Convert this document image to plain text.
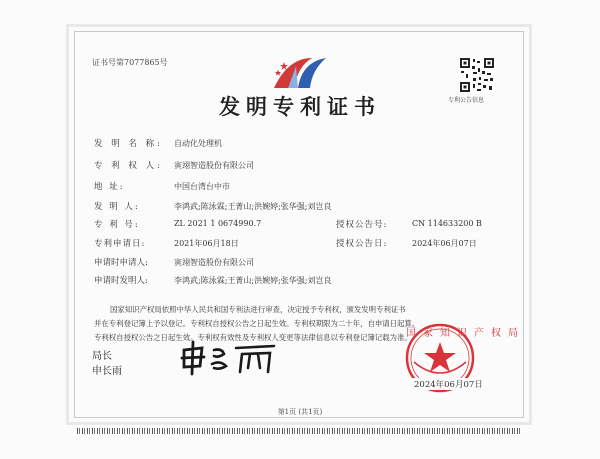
证书号第7077865号
专利公告信息
发明专利证书
发 明 名 称: 自动化处理机
专 利 权 人: 寅翊智造股份有限公司
地 址:	中国台湾台中市
发 明 人:	李鸿武;陈泳霖;王菁山;洪婉婷;张华强;刘岂良
专 利 号:	ZL 2021 1 0674990.7	授权公告号:	CN 114633200 B
专利申请日:	2021年06月18日	授权公告日:	2024年06月07日
申请时申请人:	寅翊智造股份有限公司
申请时发明人:	李鸿武;陈泳霖;王菁山;洪婉婷;张华强;刘岂良
国家知识产权局依照中华人民共和国专利法进行审查，决定授予专利权，颁发发明专利证书
并在专利登记簿上予以登记。专利权自授权公告之日起生效。专利权期限为二十年，自申请日起算。
专利权自授权公告之日起生效。专利权有效性及专利权人变更等法律信息以专利登记簿记载为准。
局长
申长雨
国家知识产权局
2024年06月07日
第1页 (共1页)
